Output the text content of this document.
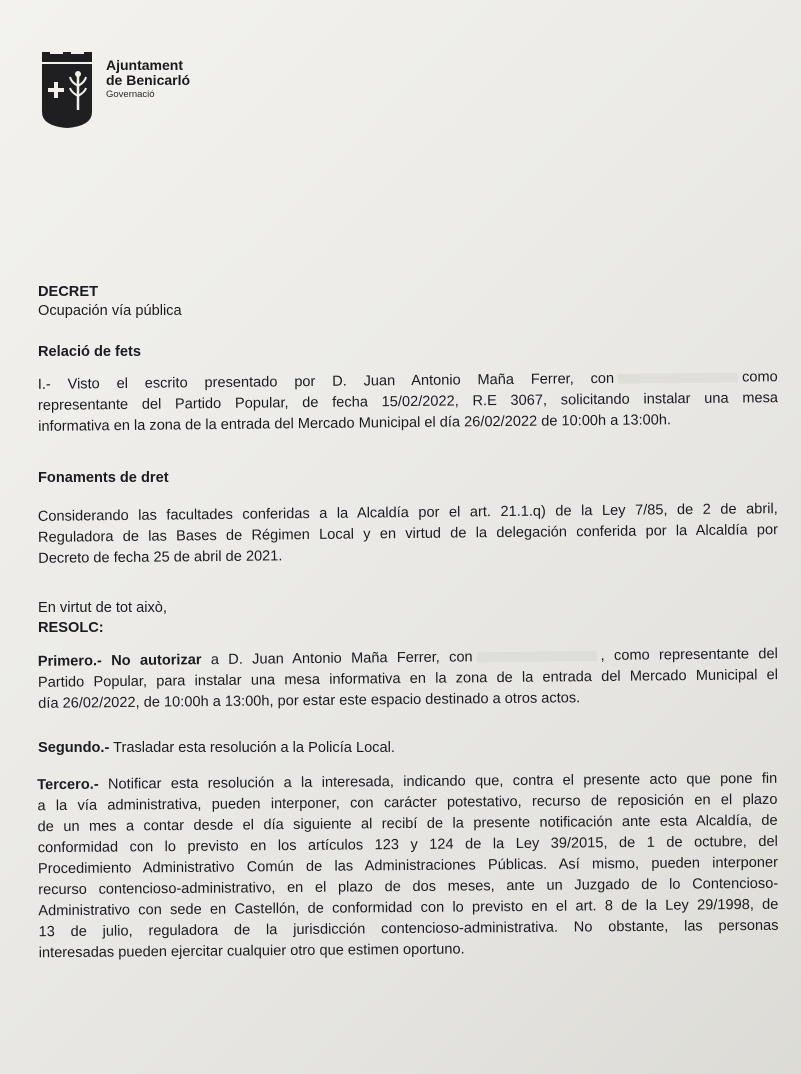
Ajuntament
de Benicarló
Governació
DECRET
Ocupación vía pública
Relació de fets
I.- Visto el escrito presentado por D. Juan Antonio Maña Ferrer, con	como
representante del Partido Popular, de fecha 15/02/2022, R.E 3067, solicitando instalar una mesa
informativa en la zona de la entrada del Mercado Municipal el día 26/02/2022 de 10:00h a 13:00h.
Fonaments de dret
Considerando las facultades conferidas a la Alcaldía por el art. 21.1.q) de la Ley 7/85, de 2 de abril,
Reguladora de las Bases de Régimen Local y en virtud de la delegación conferida por la Alcaldía por
Decreto de fecha 25 de abril de 2021.
En virtut de tot això,
RESOLC:
Primero.- No autorizar a D. Juan Antonio Maña Ferrer, con	, como representante del
Partido Popular, para instalar una mesa informativa en la zona de la entrada del Mercado Municipal el
día 26/02/2022, de 10:00h a 13:00h, por estar este espacio destinado a otros actos.
Segundo.- Trasladar esta resolución a la Policía Local.
Tercero.- Notificar esta resolución a la interesada, indicando que, contra el presente acto que pone fin
a la vía administrativa, pueden interponer, con carácter potestativo, recurso de reposición en el plazo
de un mes a contar desde el día siguiente al recibí de la presente notificación ante esta Alcaldía, de
conformidad con lo previsto en los artículos 123 y 124 de la Ley 39/2015, de 1 de octubre, del
Procedimiento Administrativo Común de las Administraciones Públicas. Así mismo, pueden interponer
recurso contencioso-administrativo, en el plazo de dos meses, ante un Juzgado de lo Contencioso-
Administrativo con sede en Castellón, de conformidad con lo previsto en el art. 8 de la Ley 29/1998, de
13 de julio, reguladora de la jurisdicción contencioso-administrativa. No obstante, las personas
interesadas pueden ejercitar cualquier otro que estimen oportuno.
